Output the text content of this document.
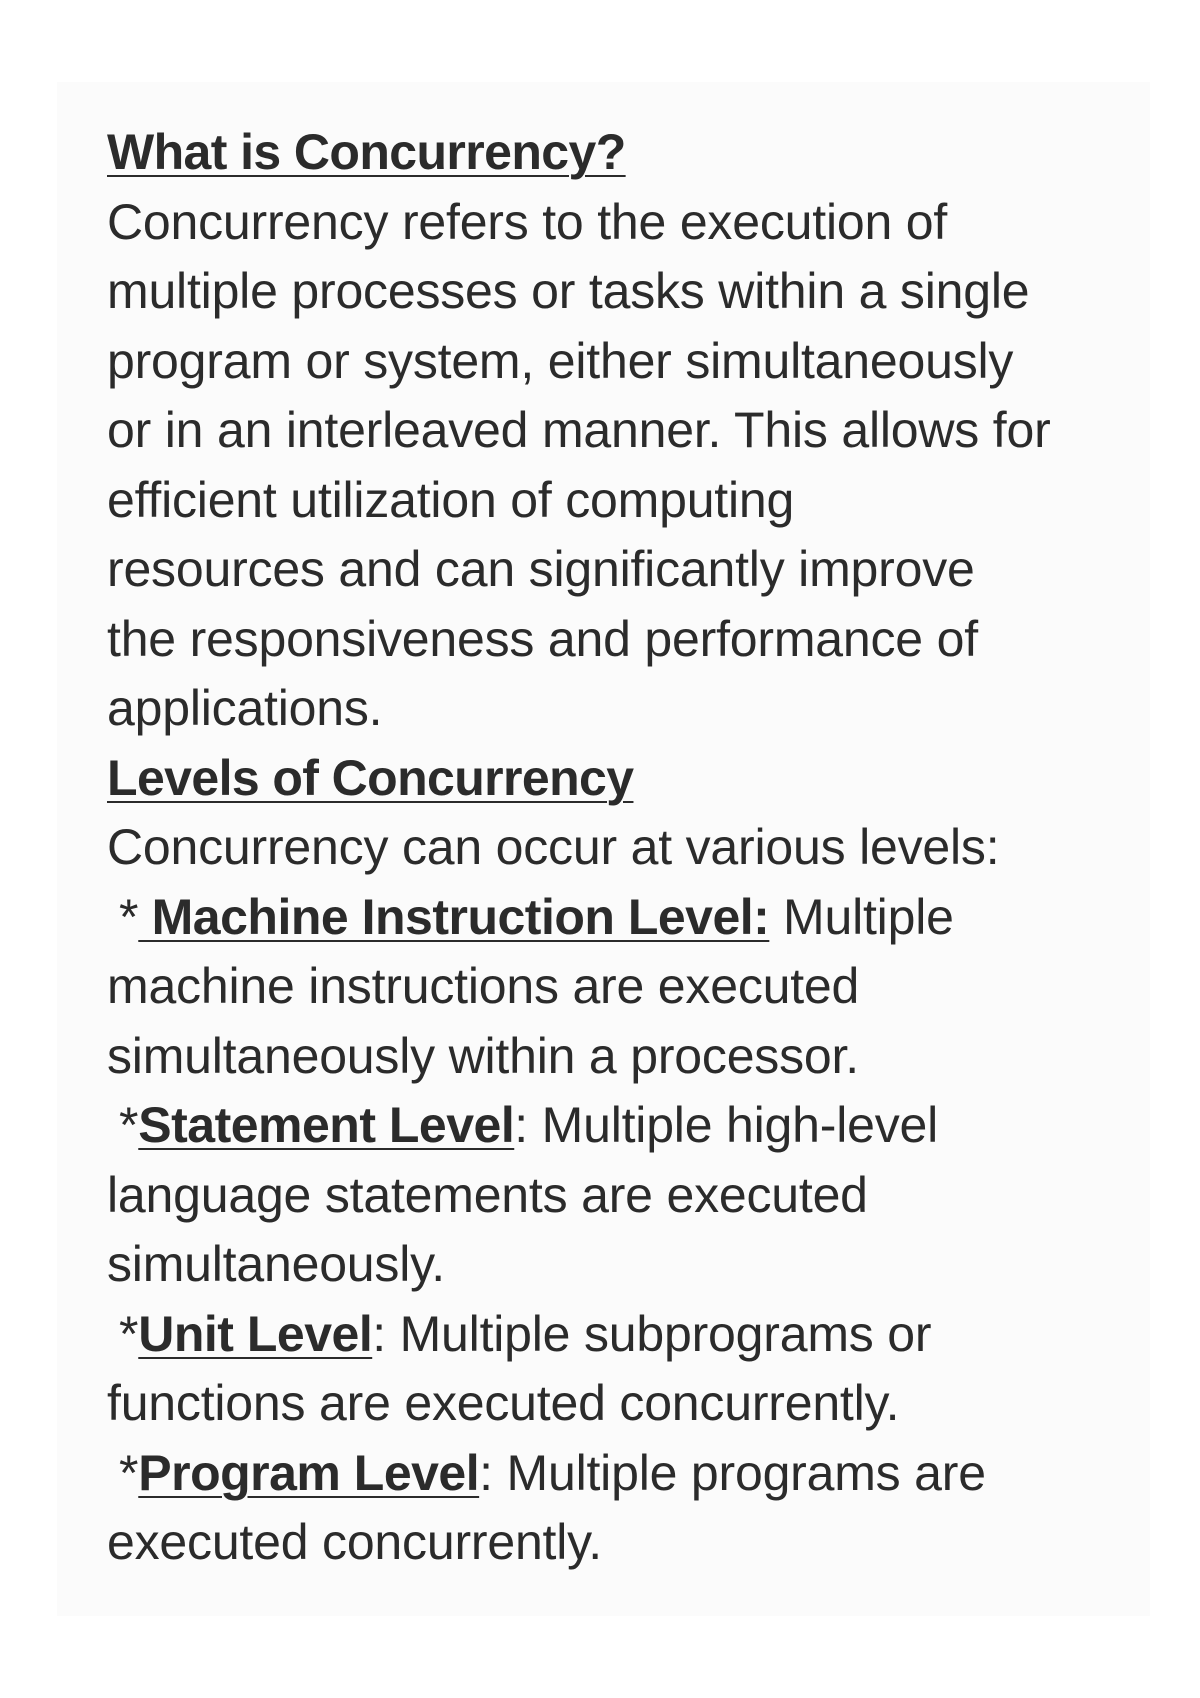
What is Concurrency?
Concurrency refers to the execution of
multiple processes or tasks within a single
program or system, either simultaneously
or in an interleaved manner. This allows for
efficient utilization of computing
resources and can significantly improve
the responsiveness and performance of
applications.
Levels of Concurrency
Concurrency can occur at various levels:
* Machine Instruction Level: Multiple
machine instructions are executed
simultaneously within a processor.
*Statement Level: Multiple high-level
language statements are executed
simultaneously.
*Unit Level: Multiple subprograms or
functions are executed concurrently.
*Program Level: Multiple programs are
executed concurrently.
